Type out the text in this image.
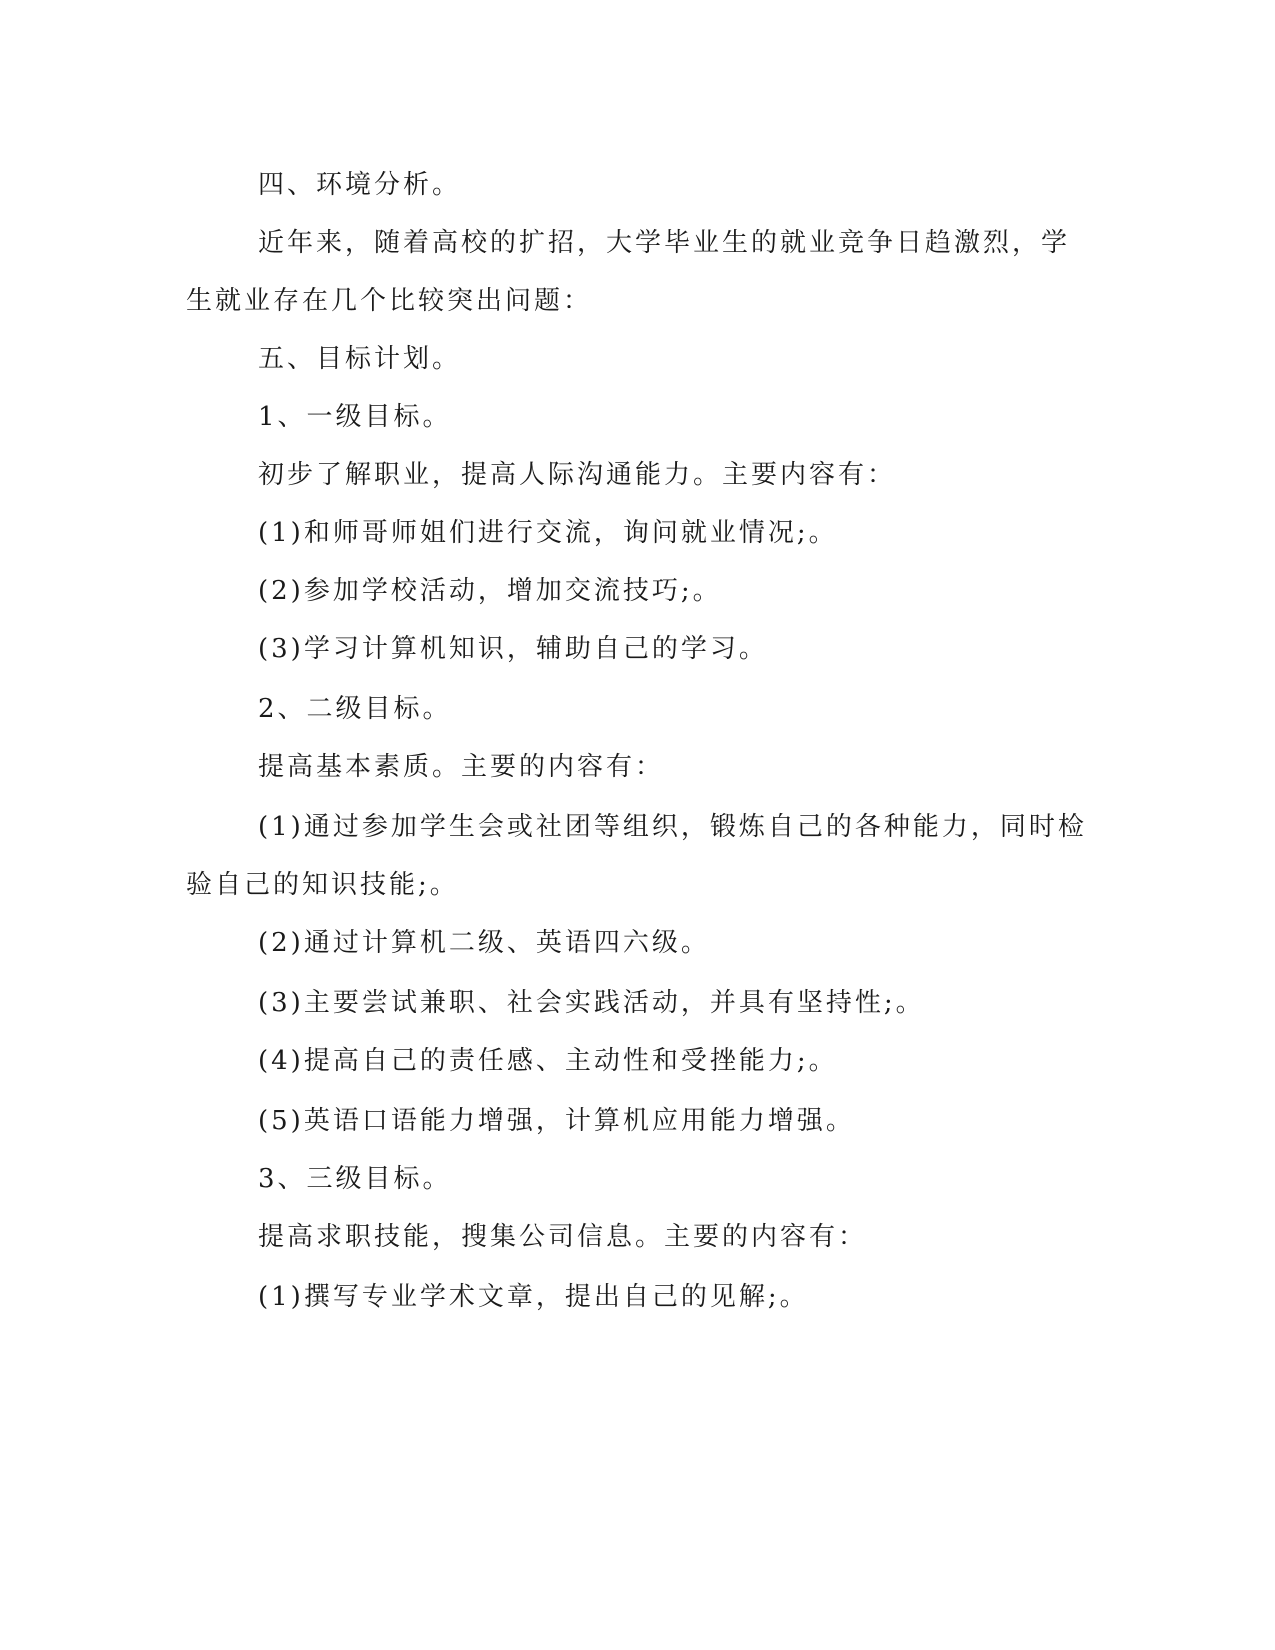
四、环境分析。
近年来，随着高校的扩招，大学毕业生的就业竞争日趋激烈，学
生就业存在几个比较突出问题：
五、目标计划。
1、一级目标。
初步了解职业，提高人际沟通能力。主要内容有：
(1)和师哥师姐们进行交流，询问就业情况;。
(2)参加学校活动，增加交流技巧;。
(3)学习计算机知识，辅助自己的学习。
2、二级目标。
提高基本素质。主要的内容有：
(1)通过参加学生会或社团等组织，锻炼自己的各种能力，同时检
验自己的知识技能;。
(2)通过计算机二级、英语四六级。
(3)主要尝试兼职、社会实践活动，并具有坚持性;。
(4)提高自己的责任感、主动性和受挫能力;。
(5)英语口语能力增强，计算机应用能力增强。
3、三级目标。
提高求职技能，搜集公司信息。主要的内容有：
(1)撰写专业学术文章，提出自己的见解;。
